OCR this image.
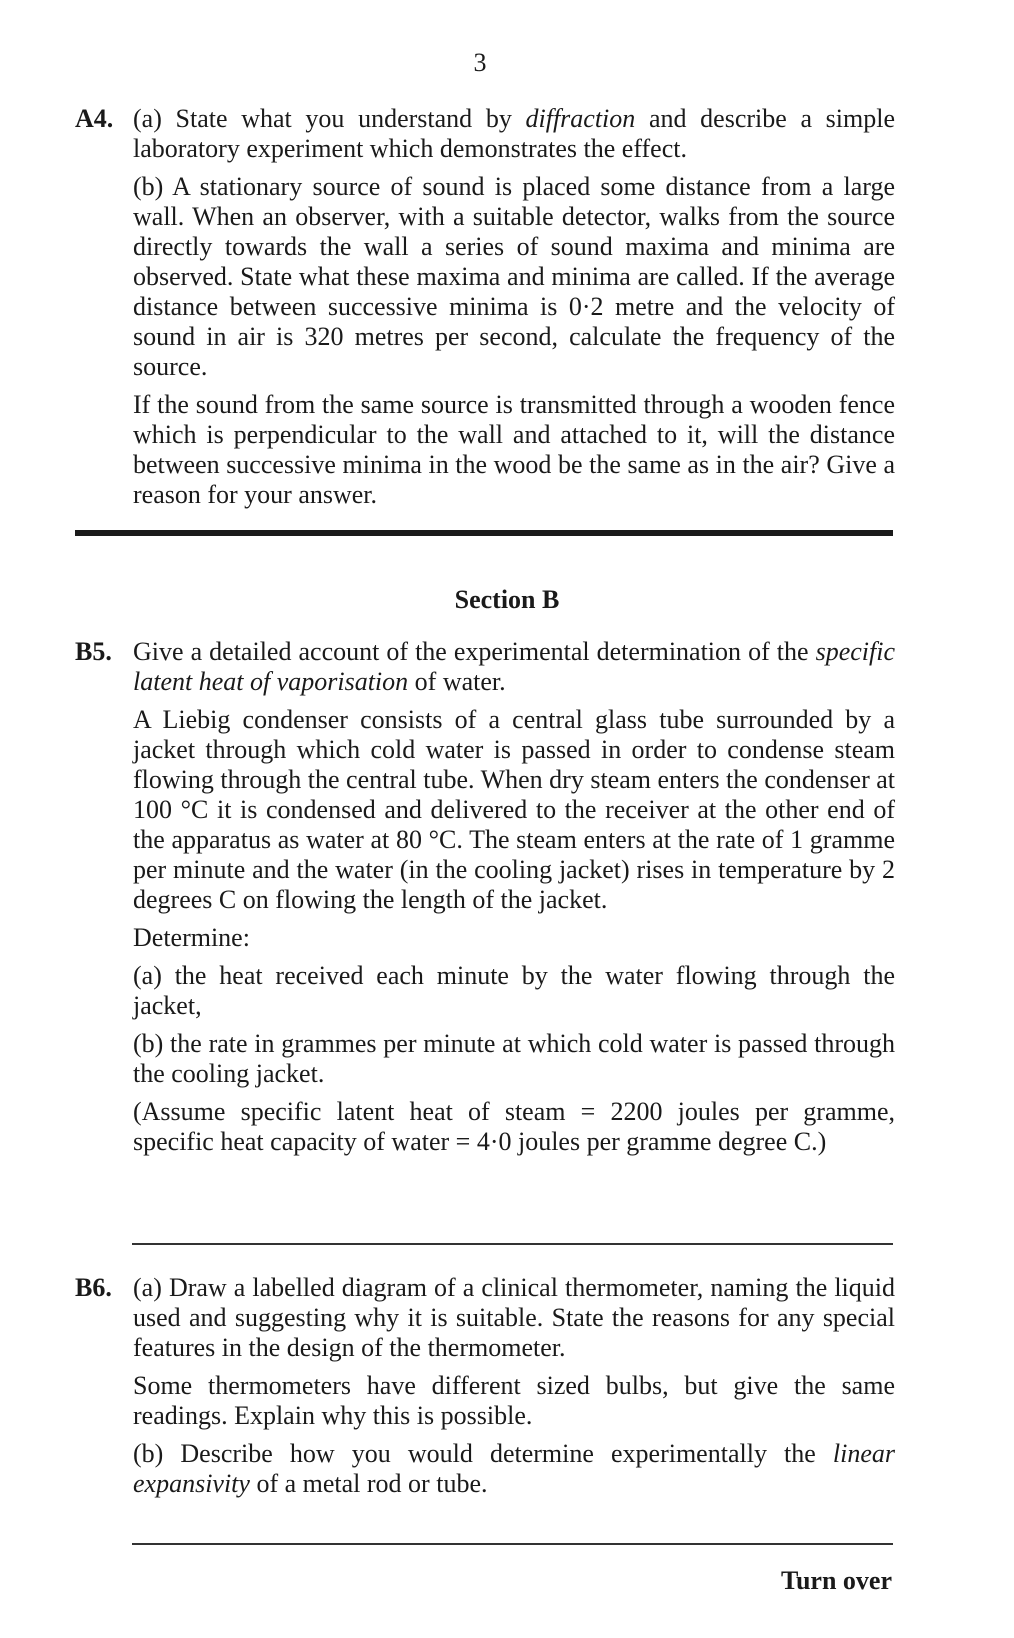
3
A4. (a) State what you understand by diffraction and describe a simple laboratory experiment which demonstrates the effect.

(b) A stationary source of sound is placed some distance from a large wall. When an observer, with a suitable detector, walks from the source directly towards the wall a series of sound maxima and minima are observed. State what these maxima and minima are called. If the average distance between successive minima is 0·2 metre and the velocity of sound in air is 320 metres per second, calculate the frequency of the source.

If the sound from the same source is transmitted through a wooden fence which is perpendicular to the wall and attached to it, will the distance between successive minima in the wood be the same as in the air? Give a reason for your answer.

Section B
B5. Give a detailed account of the experimental determination of the specific latent heat of vaporisation of water.

A Liebig condenser consists of a central glass tube surrounded by a jacket through which cold water is passed in order to condense steam flowing through the central tube. When dry steam enters the condenser at 100 °C it is condensed and delivered to the receiver at the other end of the apparatus as water at 80 °C. The steam enters at the rate of 1 gramme per minute and the water (in the cooling jacket) rises in temperature by 2 degrees C on flowing the length of the jacket.

Determine:

(a) the heat received each minute by the water flowing through the jacket,

(b) the rate in grammes per minute at which cold water is passed through the cooling jacket.

(Assume specific latent heat of steam = 2200 joules per gramme, specific heat capacity of water = 4·0 joules per gramme degree C.)

B6. (a) Draw a labelled diagram of a clinical thermometer, naming the liquid used and suggesting why it is suitable. State the reasons for any special features in the design of the thermometer.

Some thermometers have different sized bulbs, but give the same readings. Explain why this is possible.

(b) Describe how you would determine experimentally the linear expansivity of a metal rod or tube.

Turn over
